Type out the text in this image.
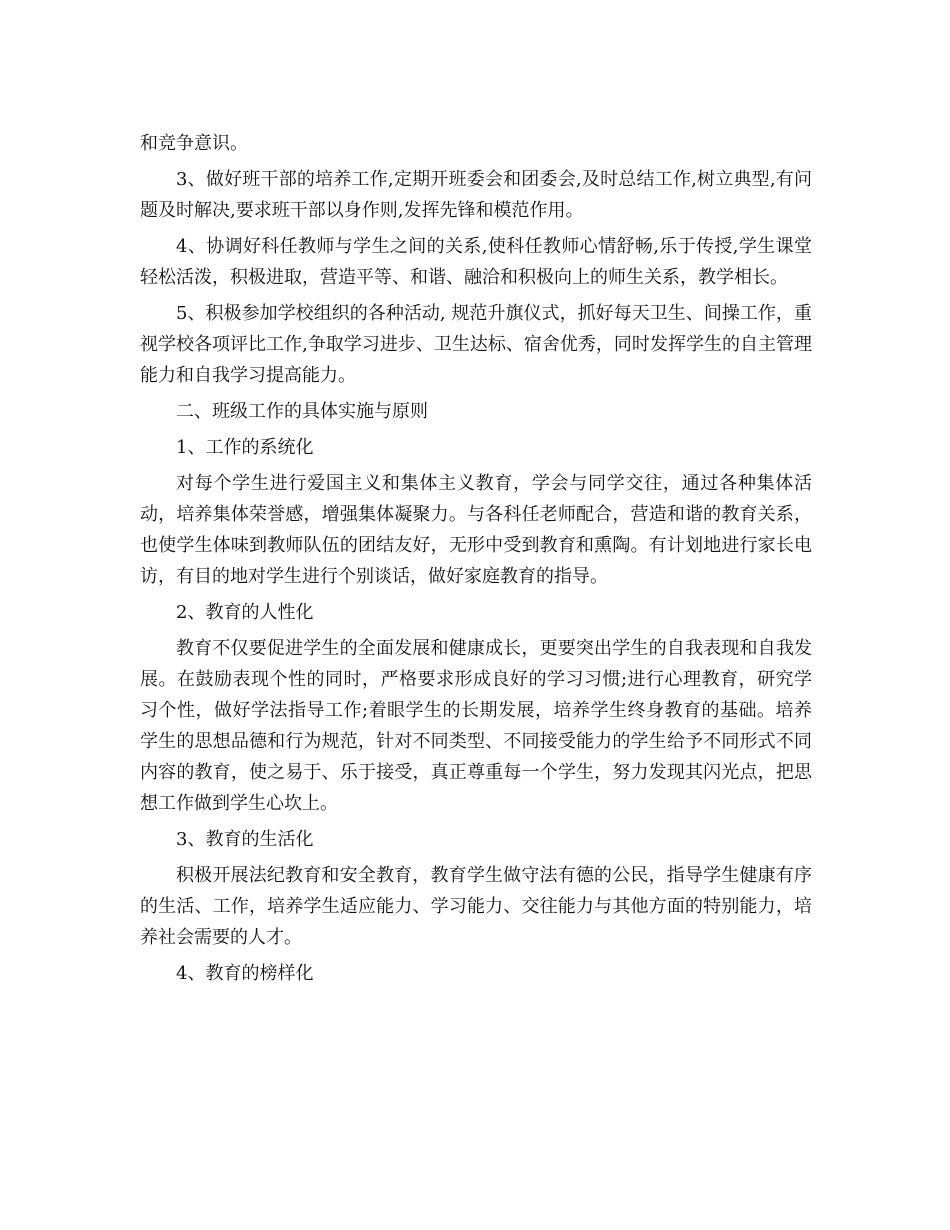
和竞争意识。

3、做好班干部的培养工作,定期开班委会和团委会,及时总结工作,树立典型,有问题及时解决,要求班干部以身作则,发挥先锋和模范作用。

4、协调好科任教师与学生之间的关系,使科任教师心情舒畅,乐于传授,学生课堂轻松活泼，积极进取，营造平等、和谐、融洽和积极向上的师生关系，教学相长。

5、积极参加学校组织的各种活动, 规范升旗仪式，抓好每天卫生、间操工作，重视学校各项评比工作,争取学习进步、卫生达标、宿舍优秀，同时发挥学生的自主管理能力和自我学习提高能力。

二、班级工作的具体实施与原则

1、工作的系统化

对每个学生进行爱国主义和集体主义教育，学会与同学交往，通过各种集体活动，培养集体荣誉感，增强集体凝聚力。与各科任老师配合，营造和谐的教育关系，也使学生体味到教师队伍的团结友好，无形中受到教育和熏陶。有计划地进行家长电访，有目的地对学生进行个别谈话，做好家庭教育的指导。

2、教育的人性化

教育不仅要促进学生的全面发展和健康成长，更要突出学生的自我表现和自我发展。在鼓励表现个性的同时，严格要求形成良好的学习习惯;进行心理教育，研究学习个性，做好学法指导工作;着眼学生的长期发展，培养学生终身教育的基础。培养学生的思想品德和行为规范，针对不同类型、不同接受能力的学生给予不同形式不同内容的教育，使之易于、乐于接受，真正尊重每一个学生，努力发现其闪光点，把思想工作做到学生心坎上。

3、教育的生活化

积极开展法纪教育和安全教育，教育学生做守法有德的公民，指导学生健康有序的生活、工作，培养学生适应能力、学习能力、交往能力与其他方面的特别能力，培养社会需要的人才。

4、教育的榜样化
